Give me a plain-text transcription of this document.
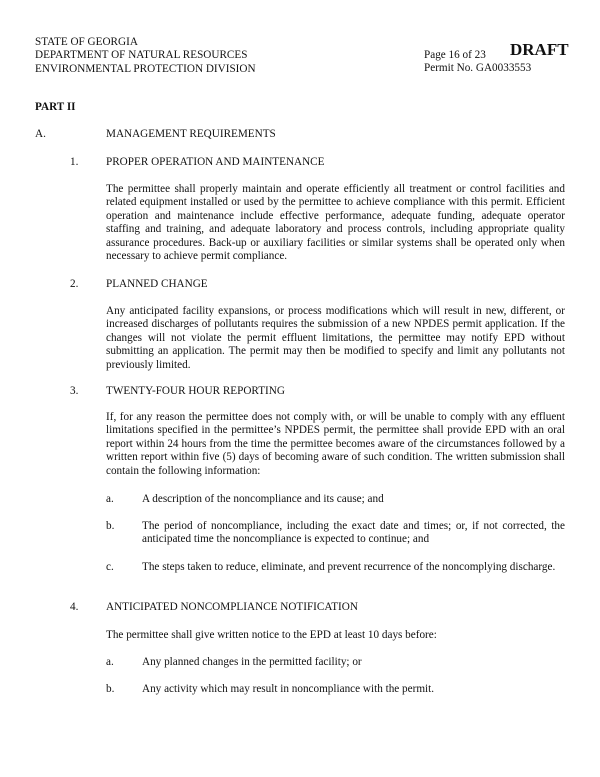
STATE OF GEORGIA
DEPARTMENT OF NATURAL RESOURCES
ENVIRONMENTAL PROTECTION DIVISION
Page 16 of 23
Permit No. GA0033553
DRAFT
PART II
A.	MANAGEMENT REQUIREMENTS
1. PROPER OPERATION AND MAINTENANCE
The permittee shall properly maintain and operate efficiently all treatment or control facilities and related equipment installed or used by the permittee to achieve compliance with this permit. Efficient operation and maintenance include effective performance, adequate funding, adequate operator staffing and training, and adequate laboratory and process controls, including appropriate quality assurance procedures. Back-up or auxiliary facilities or similar systems shall be operated only when necessary to achieve permit compliance.
2. PLANNED CHANGE
Any anticipated facility expansions, or process modifications which will result in new, different, or increased discharges of pollutants requires the submission of a new NPDES permit application. If the changes will not violate the permit effluent limitations, the permittee may notify EPD without submitting an application. The permit may then be modified to specify and limit any pollutants not previously limited.
3. TWENTY-FOUR HOUR REPORTING
If, for any reason the permittee does not comply with, or will be unable to comply with any effluent limitations specified in the permittee’s NPDES permit, the permittee shall provide EPD with an oral report within 24 hours from the time the permittee becomes aware of the circumstances followed by a written report within five (5) days of becoming aware of such condition. The written submission shall contain the following information:
a.	A description of the noncompliance and its cause; and
b. The period of noncompliance, including the exact date and times; or, if not corrected, the anticipated time the noncompliance is expected to continue; and
c.	The steps taken to reduce, eliminate, and prevent recurrence of the noncomplying discharge.
4. ANTICIPATED NONCOMPLIANCE NOTIFICATION
The permittee shall give written notice to the EPD at least 10 days before:
a.	Any planned changes in the permitted facility; or
b. Any activity which may result in noncompliance with the permit.
